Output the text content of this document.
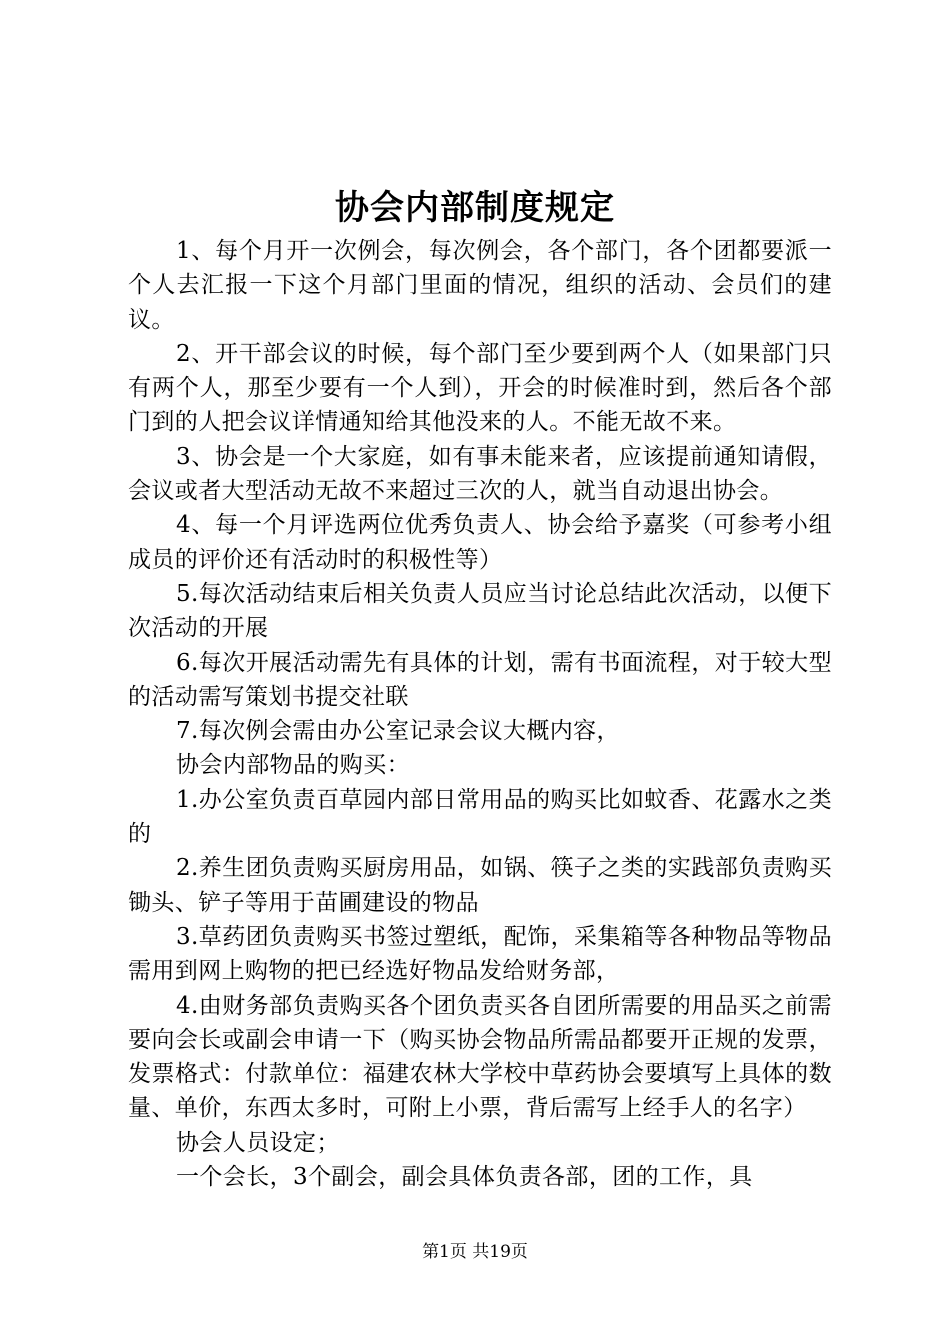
协会内部制度规定

1、每个月开一次例会，每次例会，各个部门，各个团都要派一个人去汇报一下这个月部门里面的情况，组织的活动、会员们的建议。

2、开干部会议的时候，每个部门至少要到两个人（如果部门只有两个人，那至少要有一个人到），开会的时候准时到，然后各个部门到的人把会议详情通知给其他没来的人。不能无故不来。

3、协会是一个大家庭，如有事未能来者，应该提前通知请假，会议或者大型活动无故不来超过三次的人，就当自动退出协会。

4、每一个月评选两位优秀负责人、协会给予嘉奖（可参考小组成员的评价还有活动时的积极性等）

5.每次活动结束后相关负责人员应当讨论总结此次活动，以便下次活动的开展

6.每次开展活动需先有具体的计划，需有书面流程，对于较大型的活动需写策划书提交社联

7.每次例会需由办公室记录会议大概内容，

协会内部物品的购买：

1.办公室负责百草园内部日常用品的购买比如蚊香、花露水之类的

2.养生团负责购买厨房用品，如锅、筷子之类的实践部负责购买锄头、铲子等用于苗圃建设的物品

3.草药团负责购买书签过塑纸，配饰，采集箱等各种物品等物品需用到网上购物的把已经选好物品发给财务部，

4.由财务部负责购买各个团负责买各自团所需要的用品买之前需要向会长或副会申请一下（购买协会物品所需品都要开正规的发票，发票格式：付款单位：福建农林大学校中草药协会要填写上具体的数量、单价，东西太多时，可附上小票，背后需写上经手人的名字）

协会人员设定；

一个会长，3个副会，副会具体负责各部，团的工作，具

第1页 共19页
